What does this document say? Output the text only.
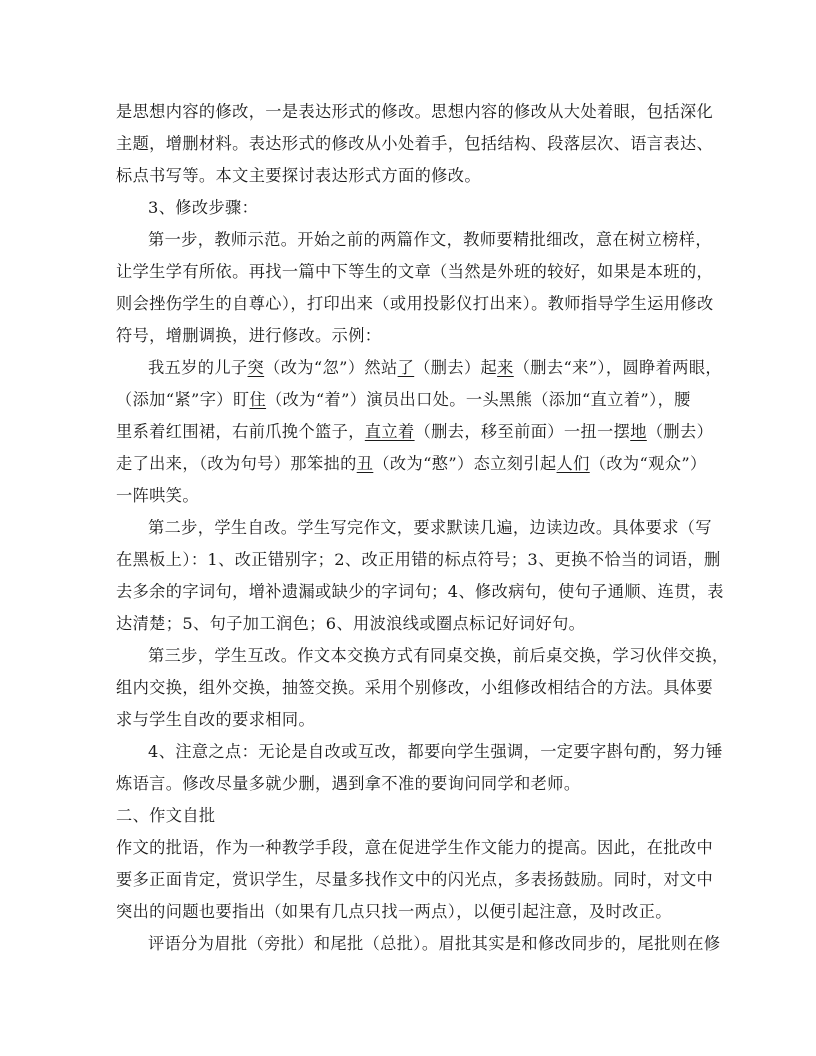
是思想内容的修改，一是表达形式的修改。思想内容的修改从大处着眼，包括深化
主题，增删材料。表达形式的修改从小处着手，包括结构、段落层次、语言表达、
标点书写等。本文主要探讨表达形式方面的修改。
3、修改步骤：
第一步，教师示范。开始之前的两篇作文，教师要精批细改，意在树立榜样，
让学生学有所依。再找一篇中下等生的文章（当然是外班的较好，如果是本班的，
则会挫伤学生的自尊心），打印出来（或用投影仪打出来）。教师指导学生运用修改
符号，增删调换，进行修改。示例：
我五岁的儿子突（改为“忽”）然站了（删去）起来（删去“来”），圆睁着两眼，
（添加“紧”字）盯住（改为“着”）演员出口处。一头黑熊（添加“直立着”），腰
里系着红围裙，右前爪挽个篮子，直立着（删去，移至前面）一扭一摆地（删去）
走了出来，（改为句号）那笨拙的丑（改为“憨”）态立刻引起人们（改为“观众”）
一阵哄笑。
第二步，学生自改。学生写完作文，要求默读几遍，边读边改。具体要求（写
在黑板上）：1、改正错别字；2、改正用错的标点符号；3、更换不恰当的词语，删
去多余的字词句，增补遗漏或缺少的字词句；4、修改病句，使句子通顺、连贯，表
达清楚；5、句子加工润色；6、用波浪线或圈点标记好词好句。
第三步，学生互改。作文本交换方式有同桌交换，前后桌交换，学习伙伴交换，
组内交换，组外交换，抽签交换。采用个别修改，小组修改相结合的方法。具体要
求与学生自改的要求相同。
4、注意之点：无论是自改或互改，都要向学生强调，一定要字斟句酌，努力锤
炼语言。修改尽量多就少删，遇到拿不准的要询问同学和老师。
二、作文自批
作文的批语，作为一种教学手段，意在促进学生作文能力的提高。因此，在批改中
要多正面肯定，赏识学生，尽量多找作文中的闪光点，多表扬鼓励。同时，对文中
突出的问题也要指出（如果有几点只找一两点），以便引起注意，及时改正。
评语分为眉批（旁批）和尾批（总批）。眉批其实是和修改同步的，尾批则在修
